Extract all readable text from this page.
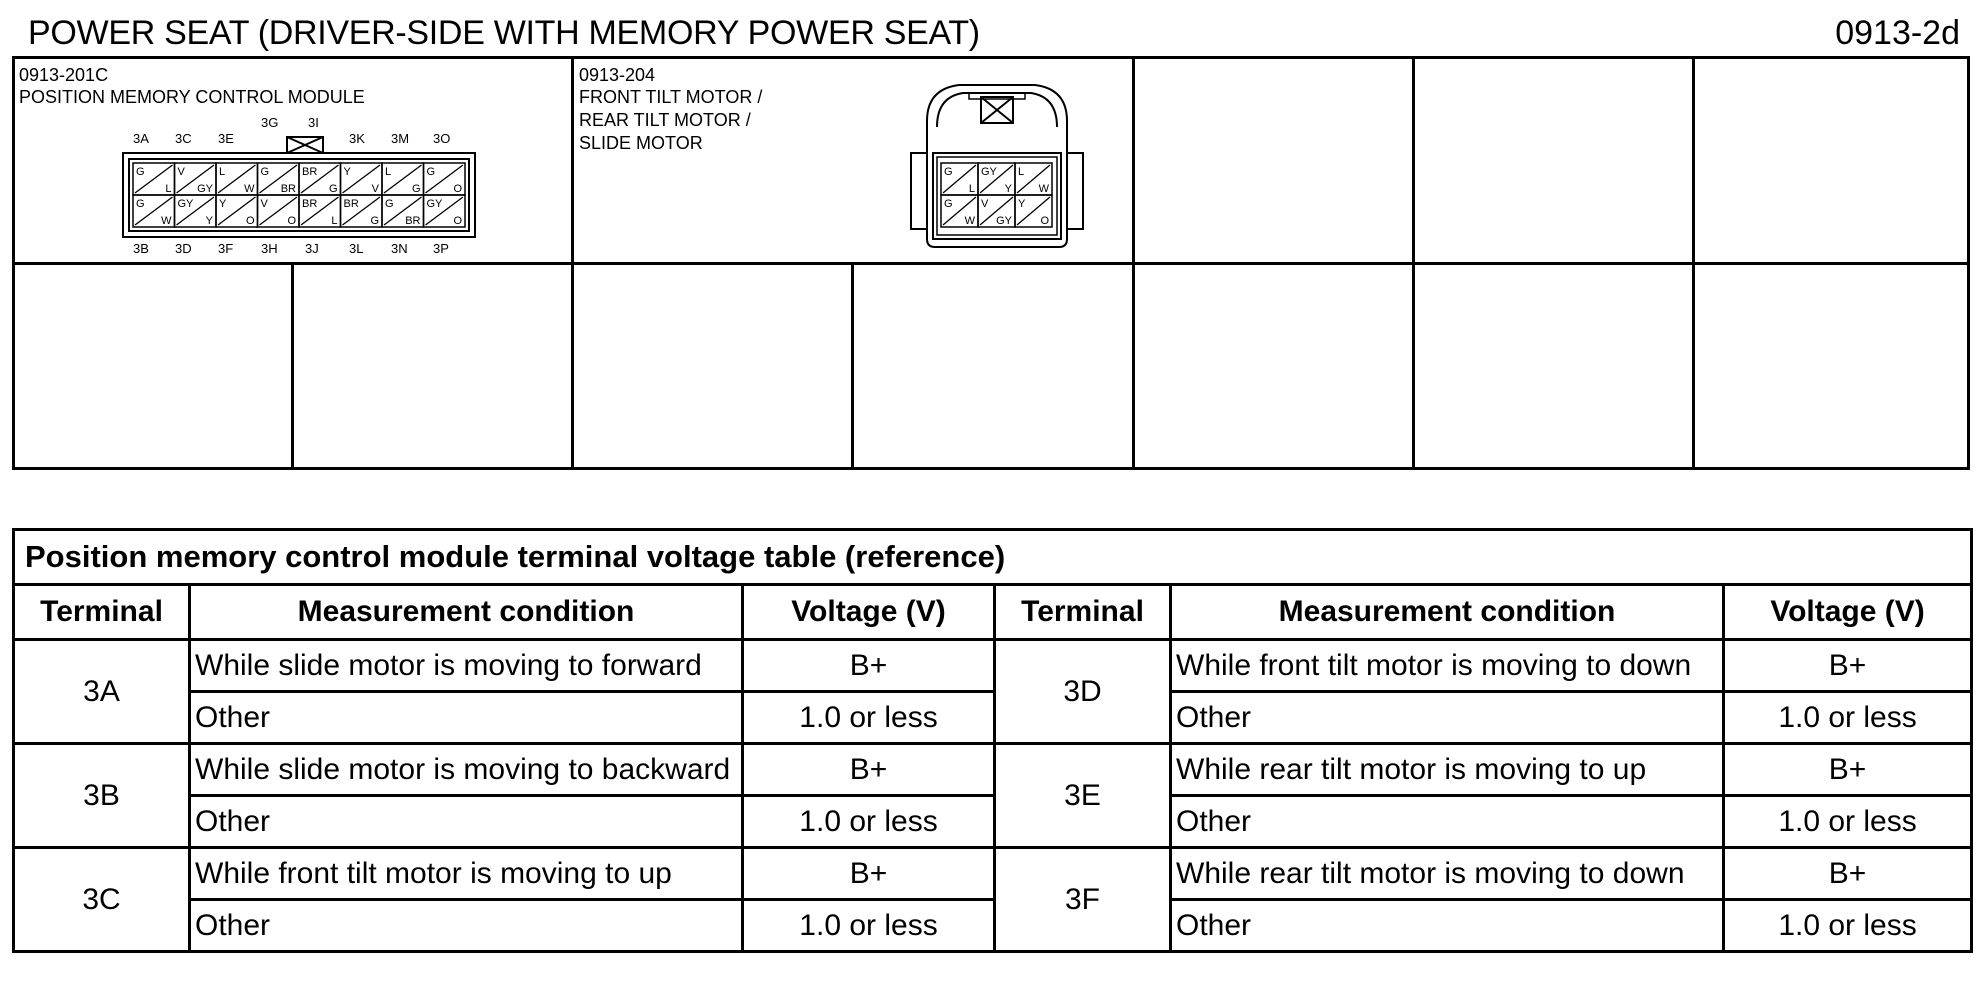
POWER SEAT (DRIVER-SIDE WITH MEMORY POWER SEAT)	0913-2d
0913-201C
POSITION MEMORY CONTROL MODULE
3A 3C 3E
3G 3I
3K 3M 3O
3B 3D 3F 3H 3J 3L 3N 3P
G
L
V
GY
L
W
G
BR
BR
G
Y
V
L
G
G
O
G
W
GY
Y
Y
O
V
O
BR
L
BR
G
G
BR
GY
O
0913-204
FRONT TILT MOTOR /
REAR TILT MOTOR /
SLIDE MOTOR
G
L
GY
Y
L
W
G
W
V
GY
Y
O
Position memory control module terminal voltage table (reference)					
Terminal	Measurement condition	Voltage (V)	Terminal	Measurement condition	Voltage (V)
3A	While slide motor is moving to forward	B+	3D	While front tilt motor is moving to down	B+
	Other	1.0 or less		Other	1.0 or less
3B	While slide motor is moving to backward	B+	3E	While rear tilt motor is moving to up	B+
	Other	1.0 or less		Other	1.0 or less
3C	While front tilt motor is moving to up	B+	3F	While rear tilt motor is moving to down	B+
	Other	1.0 or less		Other	1.0 or less
